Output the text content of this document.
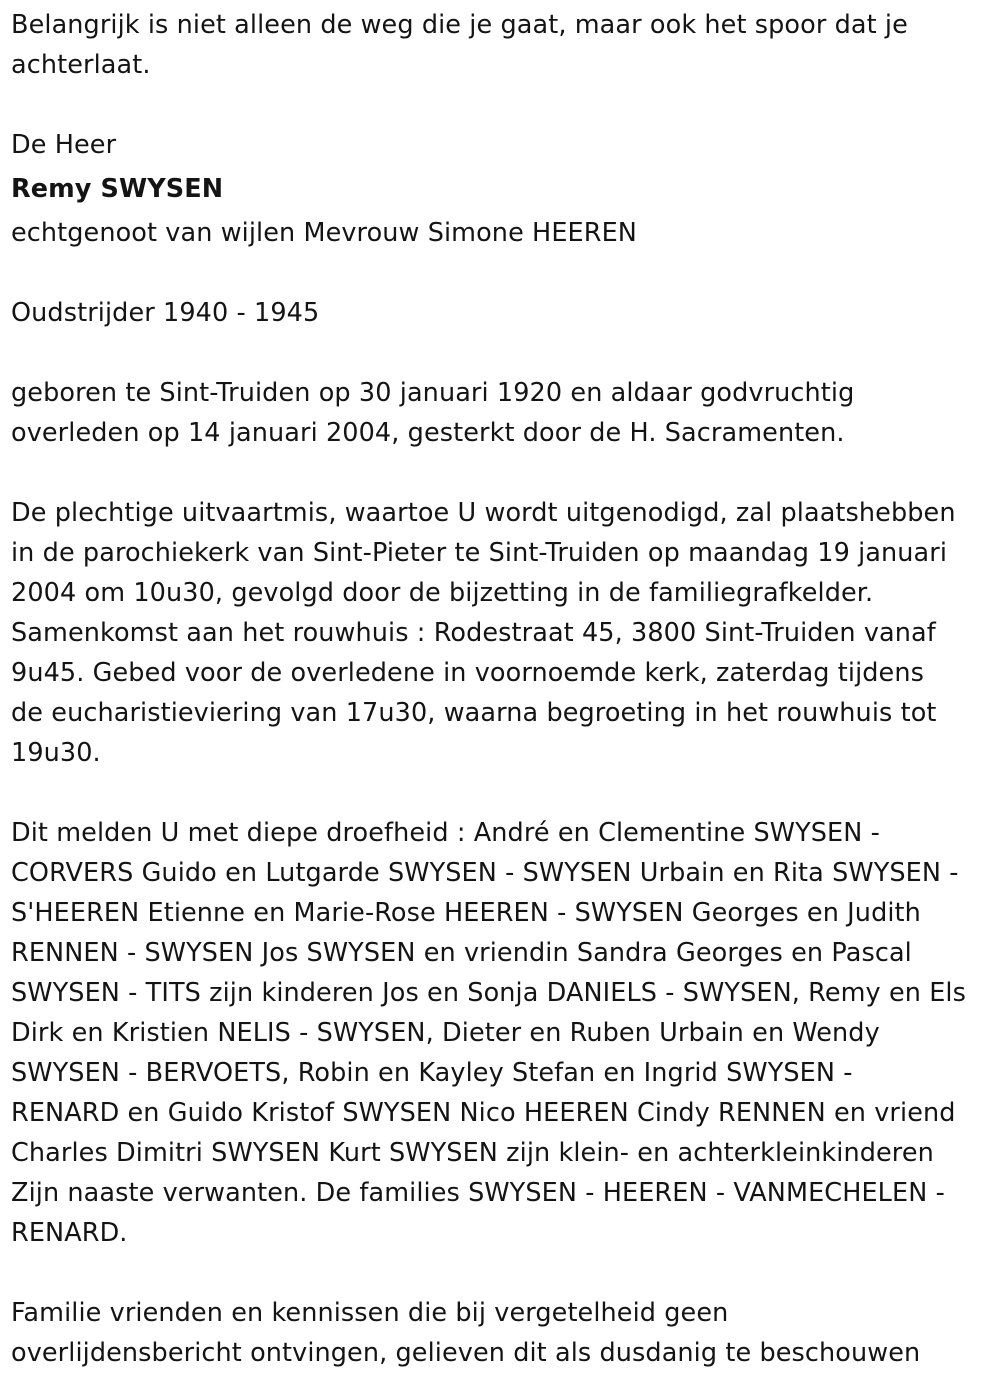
Belangrijk is niet alleen de weg die je gaat, maar ook het spoor dat je
achterlaat.
De Heer
Remy SWYSEN
echtgenoot van wijlen Mevrouw Simone HEEREN
Oudstrijder 1940 - 1945
geboren te Sint-Truiden op 30 januari 1920 en aldaar godvruchtig
overleden op 14 januari 2004, gesterkt door de H. Sacramenten.
De plechtige uitvaartmis, waartoe U wordt uitgenodigd, zal plaatshebben
in de parochiekerk van Sint-Pieter te Sint-Truiden op maandag 19 januari
2004 om 10u30, gevolgd door de bijzetting in de familiegrafkelder.
Samenkomst aan het rouwhuis : Rodestraat 45, 3800 Sint-Truiden vanaf
9u45. Gebed voor de overledene in voornoemde kerk, zaterdag tijdens
de eucharistieviering van 17u30, waarna begroeting in het rouwhuis tot
19u30.
Dit melden U met diepe droefheid : André en Clementine SWYSEN -
CORVERS Guido en Lutgarde SWYSEN - SWYSEN Urbain en Rita SWYSEN -
S'HEEREN Etienne en Marie-Rose HEEREN - SWYSEN Georges en Judith
RENNEN - SWYSEN Jos SWYSEN en vriendin Sandra Georges en Pascal
SWYSEN - TITS zijn kinderen Jos en Sonja DANIELS - SWYSEN, Remy en Els
Dirk en Kristien NELIS - SWYSEN, Dieter en Ruben Urbain en Wendy
SWYSEN - BERVOETS, Robin en Kayley Stefan en Ingrid SWYSEN -
RENARD en Guido Kristof SWYSEN Nico HEEREN Cindy RENNEN en vriend
Charles Dimitri SWYSEN Kurt SWYSEN zijn klein- en achterkleinkinderen
Zijn naaste verwanten. De families SWYSEN - HEEREN - VANMECHELEN -
RENARD.
Familie vrienden en kennissen die bij vergetelheid geen
overlijdensbericht ontvingen, gelieven dit als dusdanig te beschouwen
